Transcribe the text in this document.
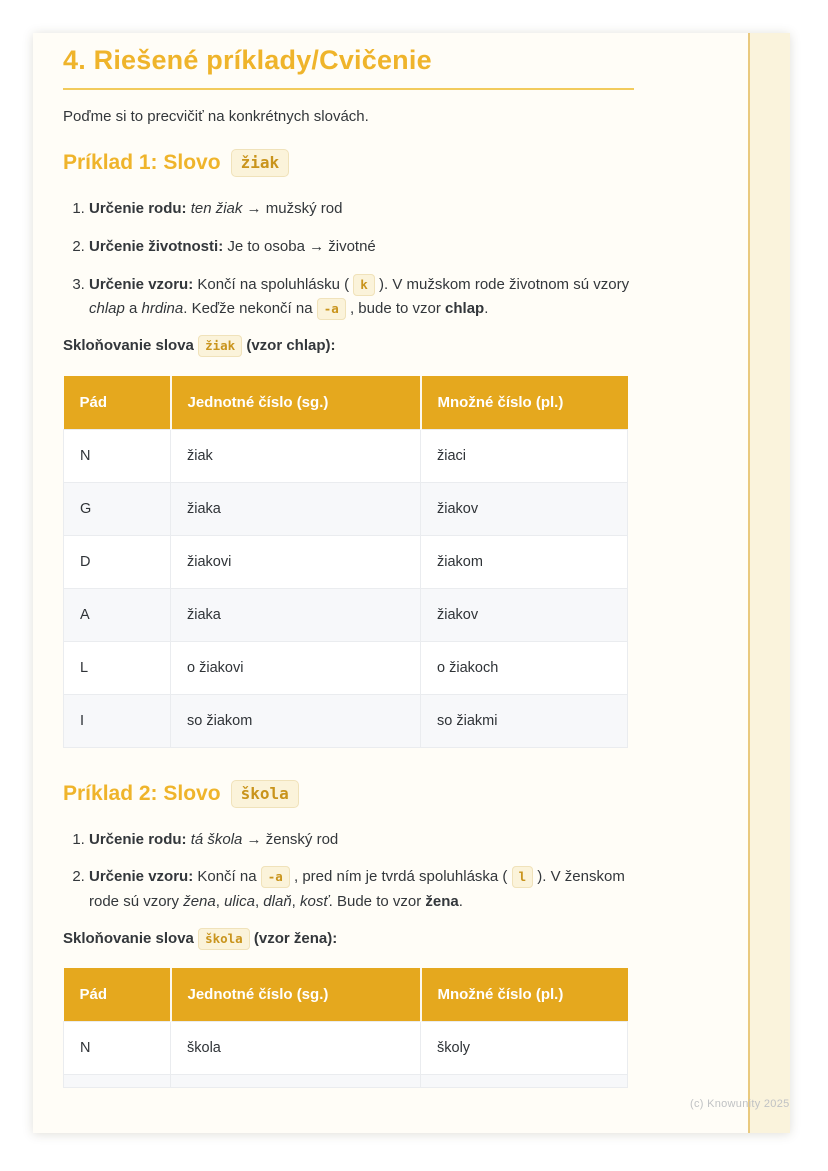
4. Riešené príklady/Cvičenie

Poďme si to precvičiť na konkrétnych slovách.

Príklad 1: Slovo	žiak
1. Určenie rodu: ten žiak → mužský rod
2. Určenie životnosti: Je to osoba → životné
3. Určenie vzoru: Končí na spoluhlásku ( k ). V mužskom rode životnom sú vzory chlap a hrdina. Keďže nekončí na -a , bude to vzor chlap.

Skloňovanie slova žiak (vzor chlap):

Pád	Jednotné číslo (sg.)	Množné číslo (pl.)
N	žiak	žiaci
G	žiaka	žiakov
D	žiakovi	žiakom
A	žiaka	žiakov
L	o žiakovi	o žiakoch
I	so žiakom	so žiakmi
Príklad 2: Slovo	škola
1. Určenie rodu: tá škola → ženský rod
2. Určenie vzoru: Končí na -a , pred ním je tvrdá spoluhláska ( l ). V ženskom rode sú vzory žena, ulica, dlaň, kosť. Bude to vzor žena.

Skloňovanie slova škola (vzor žena):

Pád	Jednotné číslo (sg.)	Množné číslo (pl.)
N	škola	školy

(c) Knowunity 2025
